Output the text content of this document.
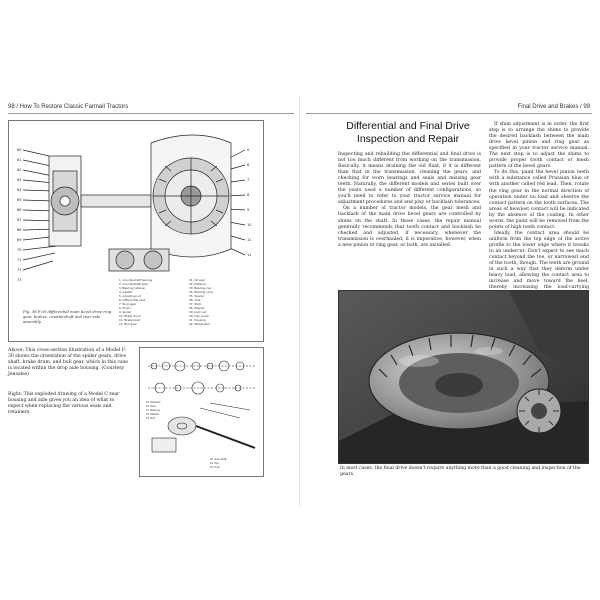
98 / How To Restore Classic Farmall Tractors	Final Drive and Brakes / 99
60
61
62
63
64
65
66
67
68
69
70
71
72
73
5
6
7
8
9
10
11
12
1. Countershaft bearing
2. Countershaft gear
3. Bearing retainer
4. Gasket
5. Adjusting nut
6. Differential case
7. Ring gear
8. Pinion
9. Spider
10. Brake drum
11. Brake band
12. Bull gear
31. Oil seal
32. Retainer
33. Bearing cup
34. Bearing cone
35. Spacer
36. Axle
37. Shim
38. Washer
39. Lock nut
40. Cap screw
41. Housing
42. Wheel stud
Fig. 58 F-30 differential main bevel drive ring gear, brakes, countershaft and rear axle assembly.
15. Retainer
16. Seal
17. Bearing
18. Washer
19. Nut
20. Axle shaft
21. Key
22. Hub
Above: This cross-section illustration of a Model F-30 shows the orientation of the spider gears, drive shaft, brake drum, and bull gear, which in this case is located within the drop axle housing. (Courtesy Jensales)
Right: This exploded drawing of a Model C rear housing and axle gives you an idea of what to expect when replacing the various seals and retainers.
Differential and Final Drive
Inspection and Repair

Inspecting and rebuilding the differential and final drive is not too much different from working on the transmission. Basically, it means draining the old fluid, if it is different than that in the transmission, cleaning the gears, and checking for worn bearings and seals and missing gear teeth. Naturally, the different models and series built over the years used a number of different configurations, so you'll need to refer to your tractor service manual for adjustment procedures and end play or backlash tolerances.

On a number of tractor models, the gear mesh and backlash of the main drive bevel gears are controlled by shims on the shaft. In those cases, the repair manual generally recommends that tooth contact and backlash be checked and adjusted, if necessary, whenever the transmission is overhauled; it is imperative, however, when a new pinion or ring gear, or both, are installed.

If shim adjustment is in order, the first step is to arrange the shims to provide the desired backlash between the main drive bevel pinion and ring gear as specified in your tractor service manual. The next step is to adjust the shims to provide proper tooth contact or mesh pattern of the bevel gears.

To do this, paint the bevel pinion teeth with a substance called Prussian blue or with another called red lead. Then, rotate the ring gear in the normal direction of operation under no load and observe the contact pattern on the tooth surfaces. The areas of heaviest contact will be indicated by the absence of the coating. In other words, the paint will be removed from the points of high tooth contact.

Ideally, the contact area should be uniform from the top edge of the active profile to the lower edge where it breaks to an undercut. Don't expect to see much contact beyond the toe, or narrowest end of the tooth, though. The teeth are ground in such a way that they deform under heavy load, allowing the contact area to increase and move toward the heel, thereby increasing the load-carrying

In most cases, the final drive doesn't require anything more than a good cleaning and inspection of the gears.
